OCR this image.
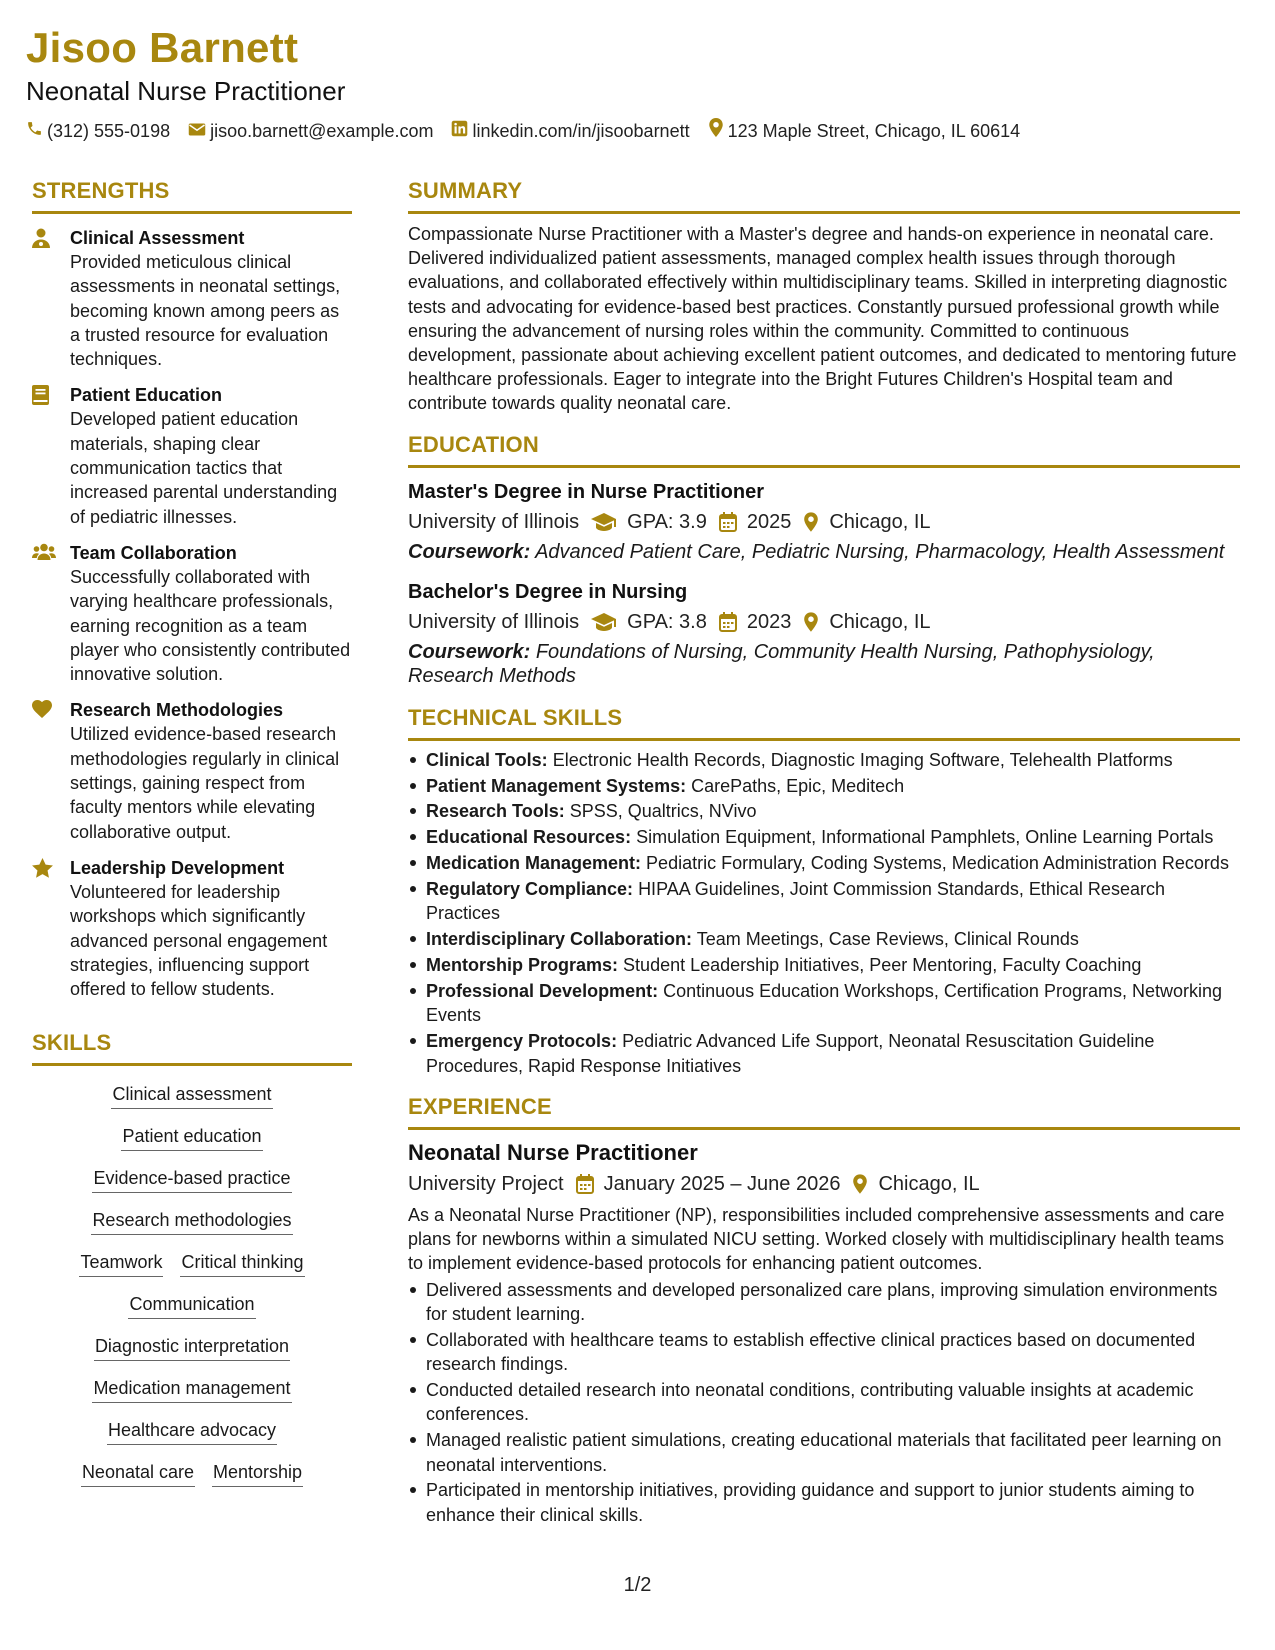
Jisoo Barnett
Neonatal Nurse Practitioner
(312) 555-0198 jisoo.barnett@example.com linkedin.com/in/jisoobarnett 123 Maple Street, Chicago, IL 60614
STRENGTHS
Clinical Assessment
Provided meticulous clinical assessments in neonatal settings, becoming known among peers as a trusted resource for evaluation techniques.
Patient Education
Developed patient education materials, shaping clear communication tactics that increased parental understanding of pediatric illnesses.
Team Collaboration
Successfully collaborated with varying healthcare professionals, earning recognition as a team player who consistently contributed innovative solution.
Research Methodologies
Utilized evidence-based research methodologies regularly in clinical settings, gaining respect from faculty mentors while elevating collaborative output.
Leadership Development
Volunteered for leadership workshops which significantly advanced personal engagement strategies, influencing support offered to fellow students.
SKILLS
Clinical assessment
Patient education
Evidence-based practice
Research methodologies
Teamwork Critical thinking
Communication
Diagnostic interpretation
Medication management
Healthcare advocacy
Neonatal care Mentorship
SUMMARY
Compassionate Nurse Practitioner with a Master's degree and hands-on experience in neonatal care. Delivered individualized patient assessments, managed complex health issues through thorough evaluations, and collaborated effectively within multidisciplinary teams. Skilled in interpreting diagnostic tests and advocating for evidence-based best practices. Constantly pursued professional growth while ensuring the advancement of nursing roles within the community. Committed to continuous development, passionate about achieving excellent patient outcomes, and dedicated to mentoring future healthcare professionals. Eager to integrate into the Bright Futures Children's Hospital team and contribute towards quality neonatal care.
EDUCATION
Master's Degree in Nurse Practitioner
University of Illinois GPA: 3.9 2025 Chicago, IL
Coursework: Advanced Patient Care, Pediatric Nursing, Pharmacology, Health Assessment
Bachelor's Degree in Nursing
University of Illinois GPA: 3.8 2023 Chicago, IL
Coursework: Foundations of Nursing, Community Health Nursing, Pathophysiology, Research Methods
TECHNICAL SKILLS
Clinical Tools: Electronic Health Records, Diagnostic Imaging Software, Telehealth Platforms
Patient Management Systems: CarePaths, Epic, Meditech
Research Tools: SPSS, Qualtrics, NVivo
Educational Resources: Simulation Equipment, Informational Pamphlets, Online Learning Portals
Medication Management: Pediatric Formulary, Coding Systems, Medication Administration Records
Regulatory Compliance: HIPAA Guidelines, Joint Commission Standards, Ethical Research Practices
Interdisciplinary Collaboration: Team Meetings, Case Reviews, Clinical Rounds
Mentorship Programs: Student Leadership Initiatives, Peer Mentoring, Faculty Coaching
Professional Development: Continuous Education Workshops, Certification Programs, Networking Events
Emergency Protocols: Pediatric Advanced Life Support, Neonatal Resuscitation Guideline Procedures, Rapid Response Initiatives
EXPERIENCE
Neonatal Nurse Practitioner
University Project January 2025 – June 2026 Chicago, IL
As a Neonatal Nurse Practitioner (NP), responsibilities included comprehensive assessments and care plans for newborns within a simulated NICU setting. Worked closely with multidisciplinary health teams to implement evidence-based protocols for enhancing patient outcomes.
Delivered assessments and developed personalized care plans, improving simulation environments for student learning.
Collaborated with healthcare teams to establish effective clinical practices based on documented research findings.
Conducted detailed research into neonatal conditions, contributing valuable insights at academic conferences.
Managed realistic patient simulations, creating educational materials that facilitated peer learning on neonatal interventions.
Participated in mentorship initiatives, providing guidance and support to junior students aiming to enhance their clinical skills.
1/2
